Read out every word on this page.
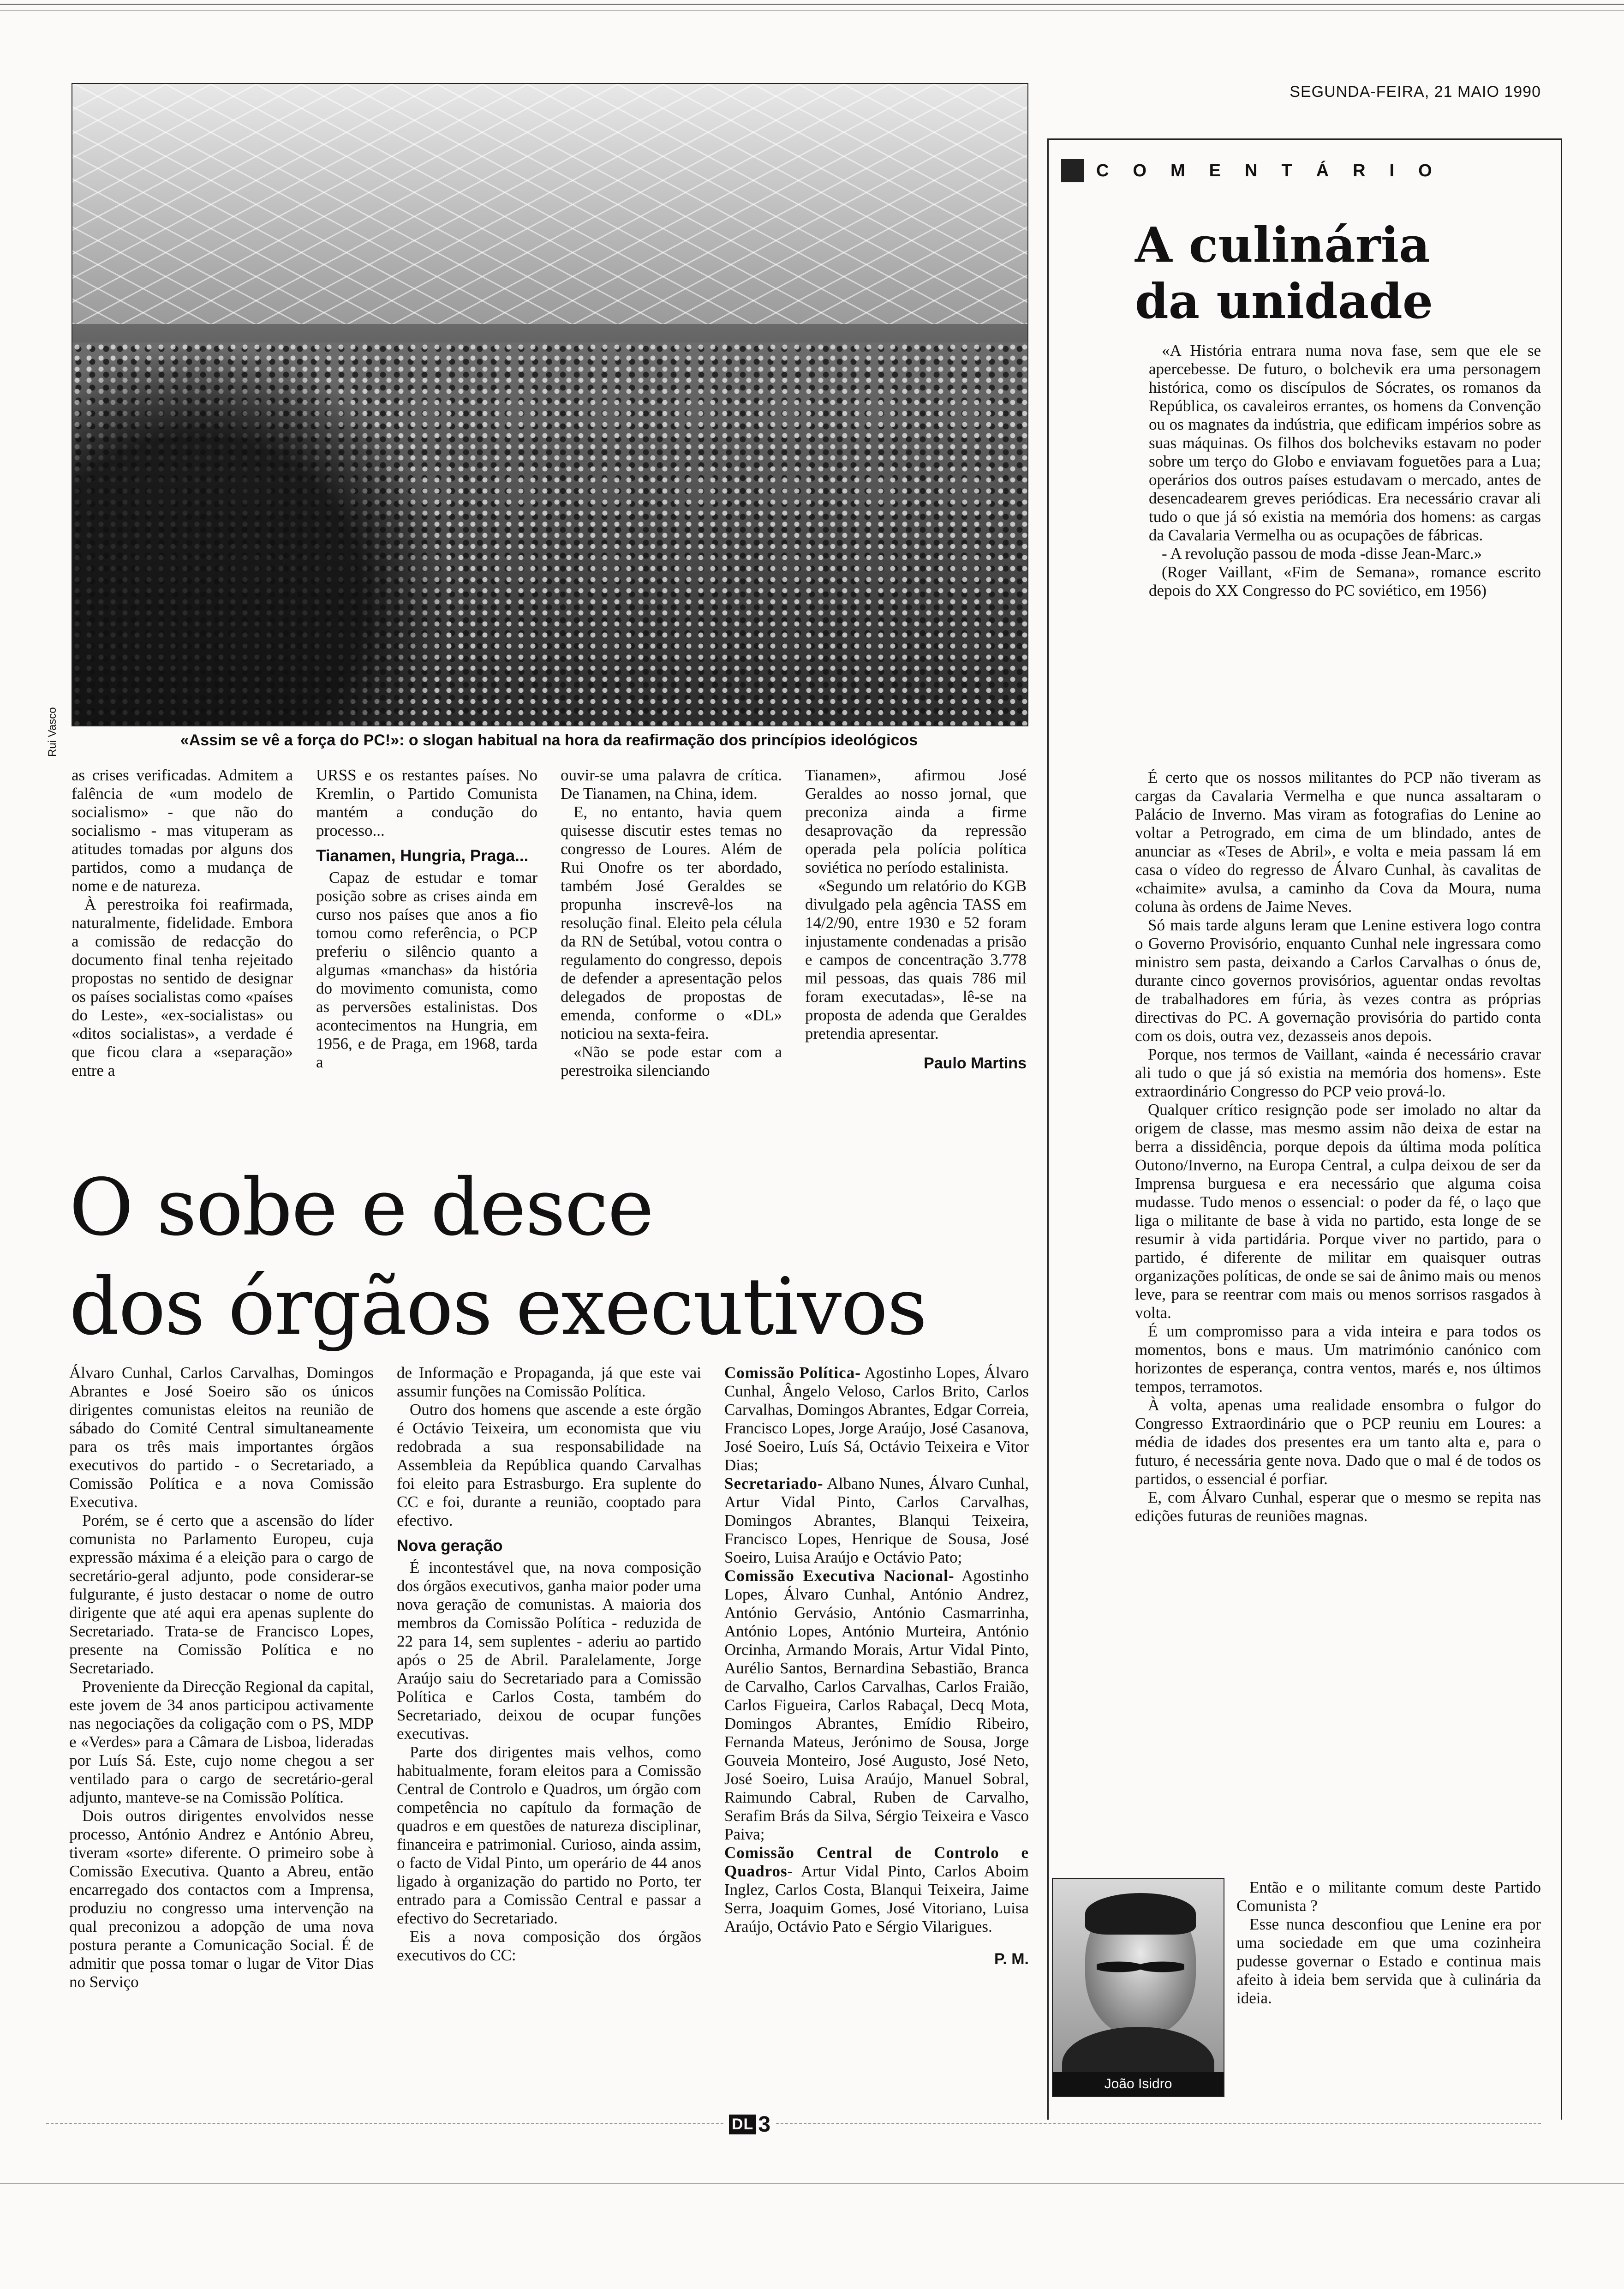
SEGUNDA-FEIRA, 21 MAIO 1990
Rui Vasco	«Assim se vê a força do PC!»: o slogan habitual na hora da reafirmação dos princípios ideológicos

as crises verificadas. Admitem a falência de «um modelo de socialismo» - que não do socialismo - mas vituperam as atitudes tomadas por alguns dos partidos, como a mudança de nome e de natureza.

À perestroika foi reafirmada, naturalmente, fidelidade. Embora a comissão de redacção do documento final tenha rejeitado propostas no sentido de designar os países socialistas como «países do Leste», «ex-socialistas» ou «ditos socialistas», a verdade é que ficou clara a «separação» entre a

URSS e os restantes países. No Kremlin, o Partido Comunista mantém a condução do processo...

Tianamen, Hungria, Praga...

Capaz de estudar e tomar posição sobre as crises ainda em curso nos países que anos a fio tomou como referência, o PCP preferiu o silêncio quanto a algumas «manchas» da história do movimento comunista, como as perversões estalinistas. Dos acontecimentos na Hungria, em 1956, e de Praga, em 1968, tarda a

ouvir-se uma palavra de crítica. De Tianamen, na China, idem.

E, no entanto, havia quem quisesse discutir estes temas no congresso de Loures. Além de Rui Onofre os ter abordado, também José Geraldes se propunha inscrevê-los na resolução final. Eleito pela célula da RN de Setúbal, votou contra o regulamento do congresso, depois de defender a apresentação pelos delegados de propostas de emenda, conforme o «DL» noticiou na sexta-feira.

«Não se pode estar com a perestroika silenciando

Tianamen», afirmou José Geraldes ao nosso jornal, que preconiza ainda a firme desaprovação da repressão operada pela polícia política soviética no período estalinista.

«Segundo um relatório do KGB divulgado pela agência TASS em 14/2/90, entre 1930 e 52 foram injustamente condenadas a prisão e campos de concentração 3.778 mil pessoas, das quais 786 mil foram executadas», lê-se na proposta de adenda que Geraldes pretendia apresentar.

Paulo Martins
O sobe e desce
dos órgãos executivos

Álvaro Cunhal, Carlos Carvalhas, Domingos Abrantes e José Soeiro são os únicos dirigentes comunistas eleitos na reunião de sábado do Comité Central simultaneamente para os três mais importantes órgãos executivos do partido - o Secretariado, a Comissão Política e a nova Comissão Executiva.

Porém, se é certo que a ascensão do líder comunista no Parlamento Europeu, cuja expressão máxima é a eleição para o cargo de secretário-geral adjunto, pode considerar-se fulgurante, é justo destacar o nome de outro dirigente que até aqui era apenas suplente do Secretariado. Trata-se de Francisco Lopes, presente na Comissão Política e no Secretariado.

Proveniente da Direcção Regional da capital, este jovem de 34 anos participou activamente nas negociações da coligação com o PS, MDP e «Verdes» para a Câmara de Lisboa, lideradas por Luís Sá. Este, cujo nome chegou a ser ventilado para o cargo de secretário-geral adjunto, manteve-se na Comissão Política.

Dois outros dirigentes envolvidos nesse processo, António Andrez e António Abreu, tiveram «sorte» diferente. O primeiro sobe à Comissão Executiva. Quanto a Abreu, então encarregado dos contactos com a Imprensa, produziu no congresso uma intervenção na qual preconizou a adopção de uma nova postura perante a Comunicação Social. É de admitir que possa tomar o lugar de Vitor Dias no Serviço

de Informação e Propaganda, já que este vai assumir funções na Comissão Política.

Outro dos homens que ascende a este órgão é Octávio Teixeira, um economista que viu redobrada a sua responsabilidade na Assembleia da República quando Carvalhas foi eleito para Estrasburgo. Era suplente do CC e foi, durante a reunião, cooptado para efectivo.

Nova geração

É incontestável que, na nova composição dos órgãos executivos, ganha maior poder uma nova geração de comunistas. A maioria dos membros da Comissão Política - reduzida de 22 para 14, sem suplentes - aderiu ao partido após o 25 de Abril. Paralelamente, Jorge Araújo saiu do Secretariado para a Comissão Política e Carlos Costa, também do Secretariado, deixou de ocupar funções executivas.

Parte dos dirigentes mais velhos, como habitualmente, foram eleitos para a Comissão Central de Controlo e Quadros, um órgão com competência no capítulo da formação de quadros e em questões de natureza disciplinar, financeira e patrimonial. Curioso, ainda assim, o facto de Vidal Pinto, um operário de 44 anos ligado à organização do partido no Porto, ter entrado para a Comissão Central e passar a efectivo do Secretariado.

Eis a nova composição dos órgãos executivos do CC:

Comissão Política- Agostinho Lopes, Álvaro Cunhal, Ângelo Veloso, Carlos Brito, Carlos Carvalhas, Domingos Abrantes, Edgar Correia, Francisco Lopes, Jorge Araújo, José Casanova, José Soeiro, Luís Sá, Octávio Teixeira e Vitor Dias;

Secretariado- Albano Nunes, Álvaro Cunhal, Artur Vidal Pinto, Carlos Carvalhas, Domingos Abrantes, Blanqui Teixeira, Francisco Lopes, Henrique de Sousa, José Soeiro, Luisa Araújo e Octávio Pato;

Comissão Executiva Nacional- Agostinho Lopes, Álvaro Cunhal, António Andrez, António Gervásio, António Casmarrinha, António Lopes, António Murteira, António Orcinha, Armando Morais, Artur Vidal Pinto, Aurélio Santos, Bernardina Sebastião, Branca de Carvalho, Carlos Carvalhas, Carlos Fraião, Carlos Figueira, Carlos Rabaçal, Decq Mota, Domingos Abrantes, Emídio Ribeiro, Fernanda Mateus, Jerónimo de Sousa, Jorge Gouveia Monteiro, José Augusto, José Neto, José Soeiro, Luisa Araújo, Manuel Sobral, Raimundo Cabral, Ruben de Carvalho, Serafim Brás da Silva, Sérgio Teixeira e Vasco Paiva;

Comissão Central de Controlo e Quadros- Artur Vidal Pinto, Carlos Aboim Inglez, Carlos Costa, Blanqui Teixeira, Jaime Serra, Joaquim Gomes, José Vitoriano, Luisa Araújo, Octávio Pato e Sérgio Vilarigues.

P. M.
COMENTÁRIO
A culinária
da unidade

«A História entrara numa nova fase, sem que ele se apercebesse. De futuro, o bolchevik era uma personagem histórica, como os discípulos de Sócrates, os romanos da República, os cavaleiros errantes, os homens da Convenção ou os magnates da indústria, que edificam impérios sobre as suas máquinas. Os filhos dos bolcheviks estavam no poder sobre um terço do Globo e enviavam foguetões para a Lua; operários dos outros países estudavam o mercado, antes de desencadearem greves periódicas. Era necessário cravar ali tudo o que já só existia na memória dos homens: as cargas da Cavalaria Vermelha ou as ocupações de fábricas.

- A revolução passou de moda -disse Jean-Marc.»

(Roger Vaillant, «Fim de Semana», romance escrito depois do XX Congresso do PC soviético, em 1956)

É certo que os nossos militantes do PCP não tiveram as cargas da Cavalaria Vermelha e que nunca assaltaram o Palácio de Inverno. Mas viram as fotografias do Lenine ao voltar a Petrogrado, em cima de um blindado, antes de anunciar as «Teses de Abril», e volta e meia passam lá em casa o vídeo do regresso de Álvaro Cunhal, às cavalitas de «chaimite» avulsa, a caminho da Cova da Moura, numa coluna às ordens de Jaime Neves.

Só mais tarde alguns leram que Lenine estivera logo contra o Governo Provisório, enquanto Cunhal nele ingressara como ministro sem pasta, deixando a Carlos Carvalhas o ónus de, durante cinco governos provisórios, aguentar ondas revoltas de trabalhadores em fúria, às vezes contra as próprias directivas do PC. A governação provisória do partido conta com os dois, outra vez, dezasseis anos depois.

Porque, nos termos de Vaillant, «ainda é necessário cravar ali tudo o que já só existia na memória dos homens». Este extraordinário Congresso do PCP veio prová-lo.

Qualquer crítico resignção pode ser imolado no altar da origem de classe, mas mesmo assim não deixa de estar na berra a dissidência, porque depois da última moda política Outono/Inverno, na Europa Central, a culpa deixou de ser da Imprensa burguesa e era necessário que alguma coisa mudasse. Tudo menos o essencial: o poder da fé, o laço que liga o militante de base à vida no partido, esta longe de se resumir à vida partidária. Porque viver no partido, para o partido, é diferente de militar em quaisquer outras organizações políticas, de onde se sai de ânimo mais ou menos leve, para se reentrar com mais ou menos sorrisos rasgados à volta.

É um compromisso para a vida inteira e para todos os momentos, bons e maus. Um matrimónio canónico com horizontes de esperança, contra ventos, marés e, nos últimos tempos, terramotos.

À volta, apenas uma realidade ensombra o fulgor do Congresso Extraordinário que o PCP reuniu em Loures: a média de idades dos presentes era um tanto alta e, para o futuro, é necessária gente nova. Dado que o mal é de todos os partidos, o essencial é porfiar.

E, com Álvaro Cunhal, esperar que o mesmo se repita nas edições futuras de reuniões magnas.

Então e o militante comum deste Partido Comunista ?

Esse nunca desconfiou que Lenine era por uma sociedade em que uma cozinheira pudesse governar o Estado e continua mais afeito à ideia bem servida que à culinária da ideia.

João Isidro
DL 3
